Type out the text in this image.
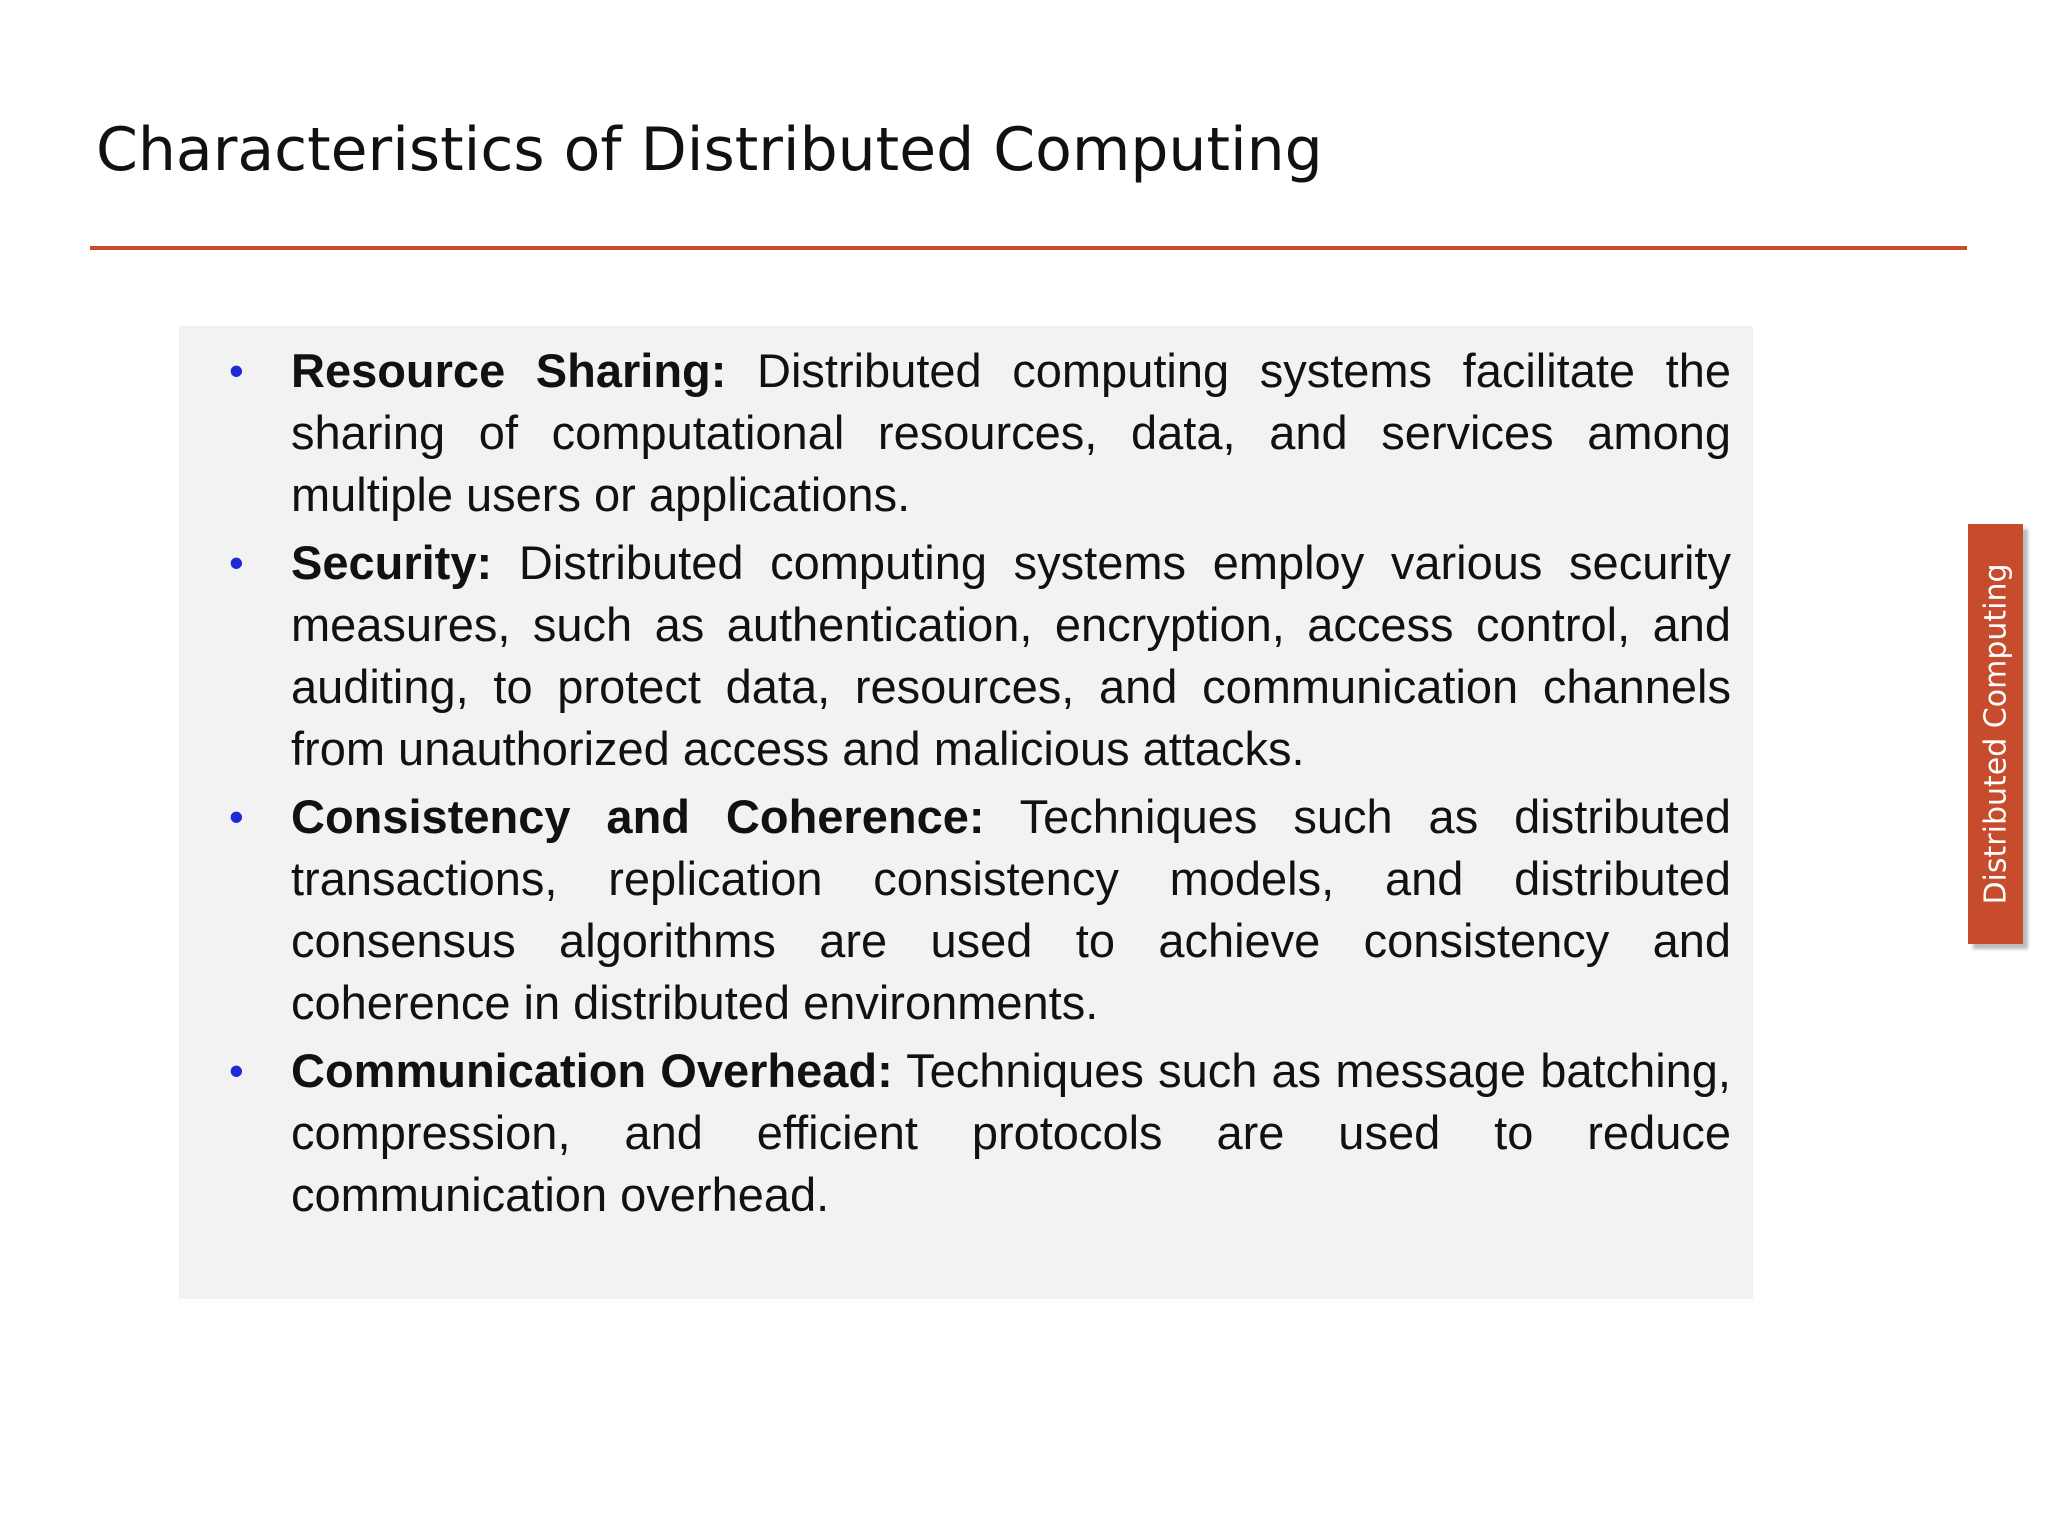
Characteristics of Distributed Computing
• Resource Sharing: Distributed computing systems facilitate the sharing of computational resources, data, and services among multiple users or applications.
• Security: Distributed computing systems employ various security measures, such as authentication, encryption, access control, and auditing, to protect data, resources, and communication channels from unauthorized access and malicious attacks.
• Consistency and Coherence: Techniques such as distributed transactions, replication consistency models, and distributed consensus algorithms are used to achieve consistency and coherence in distributed environments.
• Communication Overhead: Techniques such as message batching, compression, and efficient protocols are used to reduce communication overhead.
Distributed Computing
